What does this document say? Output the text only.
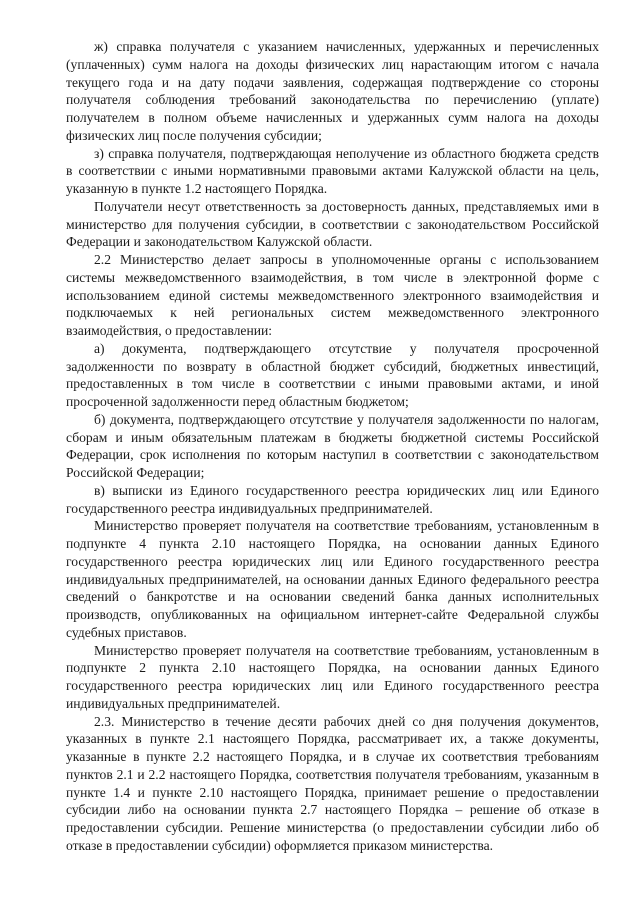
ж) справка получателя с указанием начисленных, удержанных и перечисленных (уплаченных) сумм налога на доходы физических лиц нарастающим итогом с начала текущего года и на дату подачи заявления, содержащая подтверждение со стороны получателя соблюдения требований законодательства по перечислению (уплате) получателем в полном объеме начисленных и удержанных сумм налога на доходы физических лиц после получения субсидии;

з) справка получателя, подтверждающая неполучение из областного бюджета средств в соответствии с иными нормативными правовыми актами Калужской области на цель, указанную в пункте 1.2 настоящего Порядка.

Получатели несут ответственность за достоверность данных, представляемых ими в министерство для получения субсидии, в соответствии с законодательством Российской Федерации и законодательством Калужской области.

2.2 Министерство делает запросы в уполномоченные органы с использованием системы межведомственного взаимодействия, в том числе в электронной форме с использованием единой системы межведомственного электронного взаимодействия и подключаемых к ней региональных систем межведомственного электронного взаимодействия, о предоставлении:

а) документа, подтверждающего отсутствие у получателя просроченной задолженности по возврату в областной бюджет субсидий, бюджетных инвестиций, предоставленных в том числе в соответствии с иными правовыми актами, и иной просроченной задолженности перед областным бюджетом;

б) документа, подтверждающего отсутствие у получателя задолженности по налогам, сборам и иным обязательным платежам в бюджеты бюджетной системы Российской Федерации, срок исполнения по которым наступил в соответствии с законодательством Российской Федерации;

в) выписки из Единого государственного реестра юридических лиц или Единого государственного реестра индивидуальных предпринимателей.

Министерство проверяет получателя на соответствие требованиям, установленным в подпункте 4 пункта 2.10 настоящего Порядка, на основании данных Единого государственного реестра юридических лиц или Единого государственного реестра индивидуальных предпринимателей, на основании данных Единого федерального реестра сведений о банкротстве и на основании сведений банка данных исполнительных производств, опубликованных на официальном интернет-сайте Федеральной службы судебных приставов.

Министерство проверяет получателя на соответствие требованиям, установленным в подпункте 2 пункта 2.10 настоящего Порядка, на основании данных Единого государственного реестра юридических лиц или Единого государственного реестра индивидуальных предпринимателей.

2.3. Министерство в течение десяти рабочих дней со дня получения документов, указанных в пункте 2.1 настоящего Порядка, рассматривает их, а также документы, указанные в пункте 2.2 настоящего Порядка, и в случае их соответствия требованиям пунктов 2.1 и 2.2 настоящего Порядка, соответствия получателя требованиям, указанным в пункте 1.4 и пункте 2.10 настоящего Порядка, принимает решение о предоставлении субсидии либо на основании пункта 2.7 настоящего Порядка – решение об отказе в предоставлении субсидии. Решение министерства (о предоставлении субсидии либо об отказе в предоставлении субсидии) оформляется приказом министерства.
